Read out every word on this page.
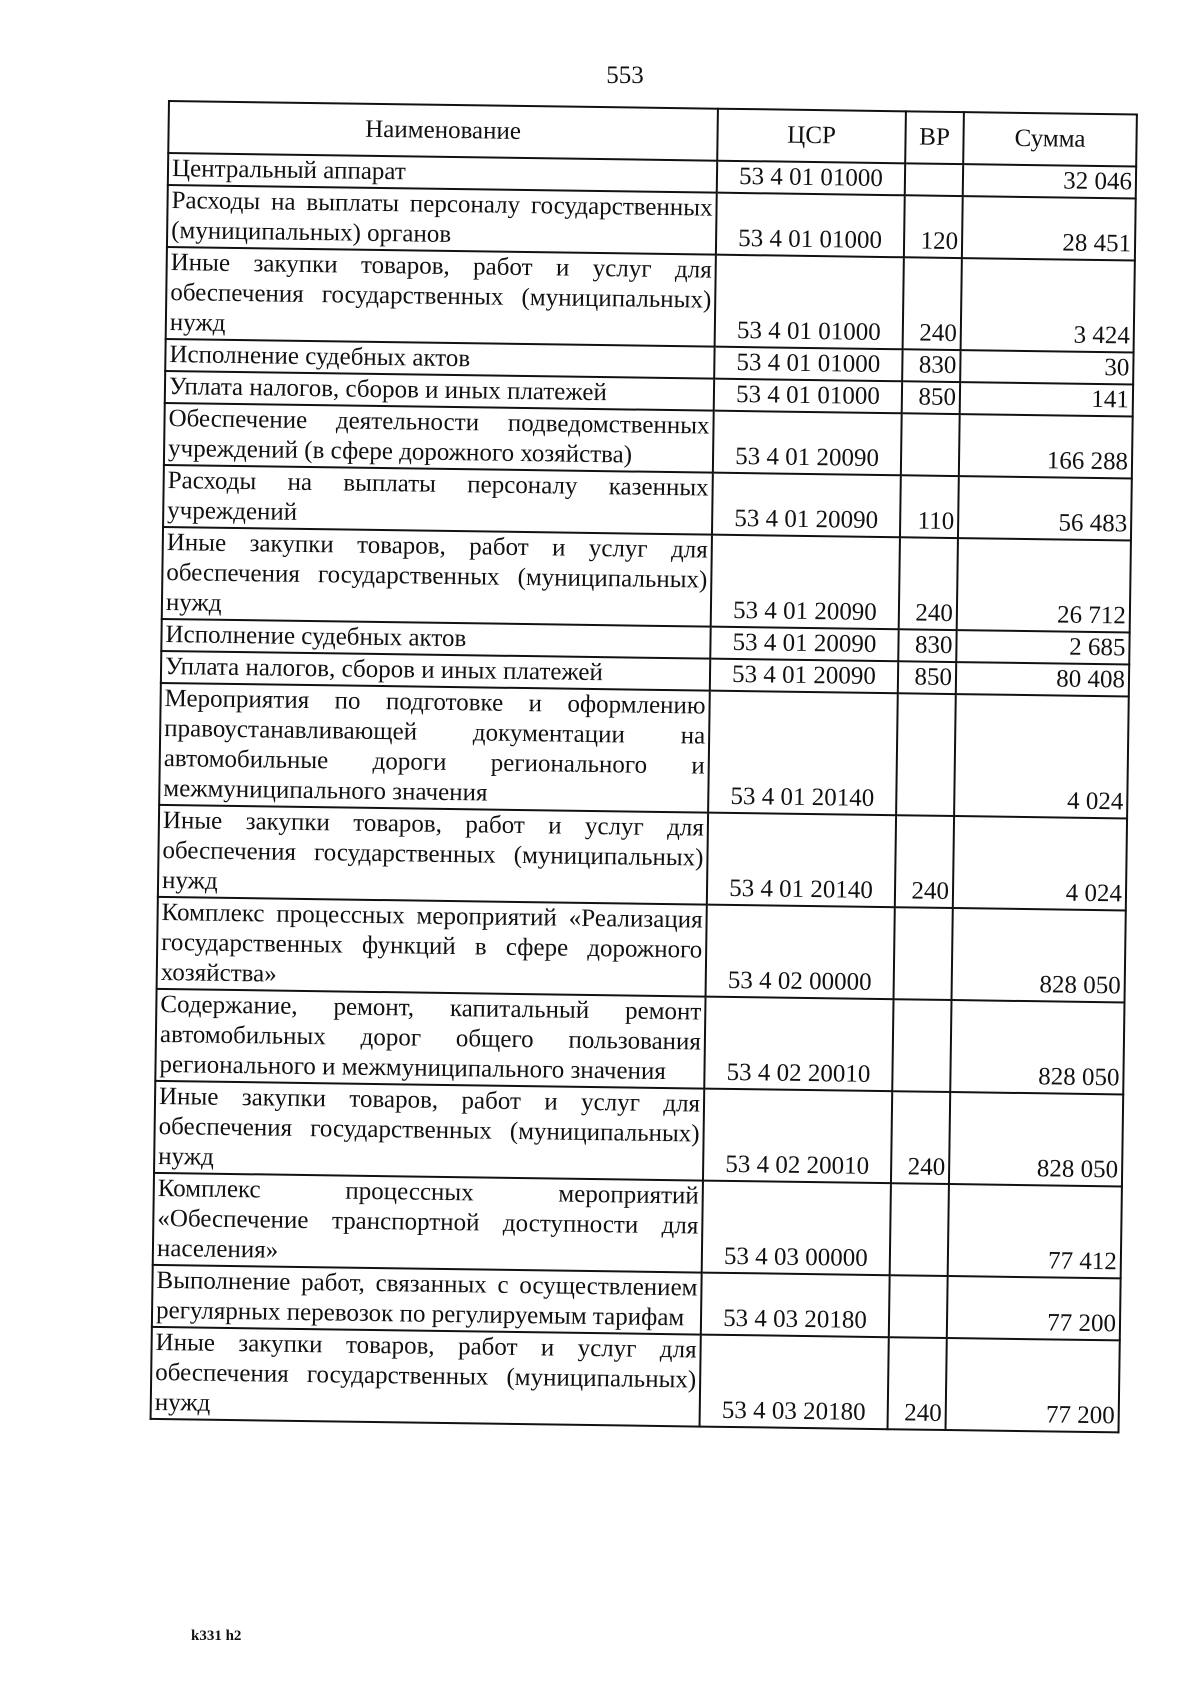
553
Наименование	ЦСР	ВР	Сумма
Центральный аппарат	53 4 01 01000		32 046
Расходы на выплаты персоналу государственных (муниципальных) органов	53 4 01 01000	120	28 451
Иные закупки товаров, работ и услуг для обеспечения государственных (муниципальных) нужд	53 4 01 01000	240	3 424
Исполнение судебных актов	53 4 01 01000	830	30
Уплата налогов, сборов и иных платежей	53 4 01 01000	850	141
Обеспечение деятельности подведомственных учреждений (в сфере дорожного хозяйства)	53 4 01 20090		166 288
Расходы на выплаты персоналу казенных учреждений	53 4 01 20090	110	56 483
Иные закупки товаров, работ и услуг для обеспечения государственных (муниципальных) нужд	53 4 01 20090	240	26 712
Исполнение судебных актов	53 4 01 20090	830	2 685
Уплата налогов, сборов и иных платежей	53 4 01 20090	850	80 408
Мероприятия по подготовке и оформлению правоустанавливающей документации на автомобильные дороги регионального и межмуниципального значения	53 4 01 20140		4 024
Иные закупки товаров, работ и услуг для обеспечения государственных (муниципальных) нужд	53 4 01 20140	240	4 024
Комплекс процессных мероприятий «Реализация государственных функций в сфере дорожного хозяйства»	53 4 02 00000		828 050
Содержание, ремонт, капитальный ремонт автомобильных дорог общего пользования регионального и межмуниципального значения	53 4 02 20010		828 050
Иные закупки товаров, работ и услуг для обеспечения государственных (муниципальных) нужд	53 4 02 20010	240	828 050
Комплекс процессных мероприятий «Обеспечение транспортной доступности для населения»	53 4 03 00000		77 412
Выполнение работ, связанных с осуществлением регулярных перевозок по регулируемым тарифам	53 4 03 20180		77 200
Иные закупки товаров, работ и услуг для обеспечения государственных (муниципальных) нужд	53 4 03 20180	240	77 200
k331 h2
